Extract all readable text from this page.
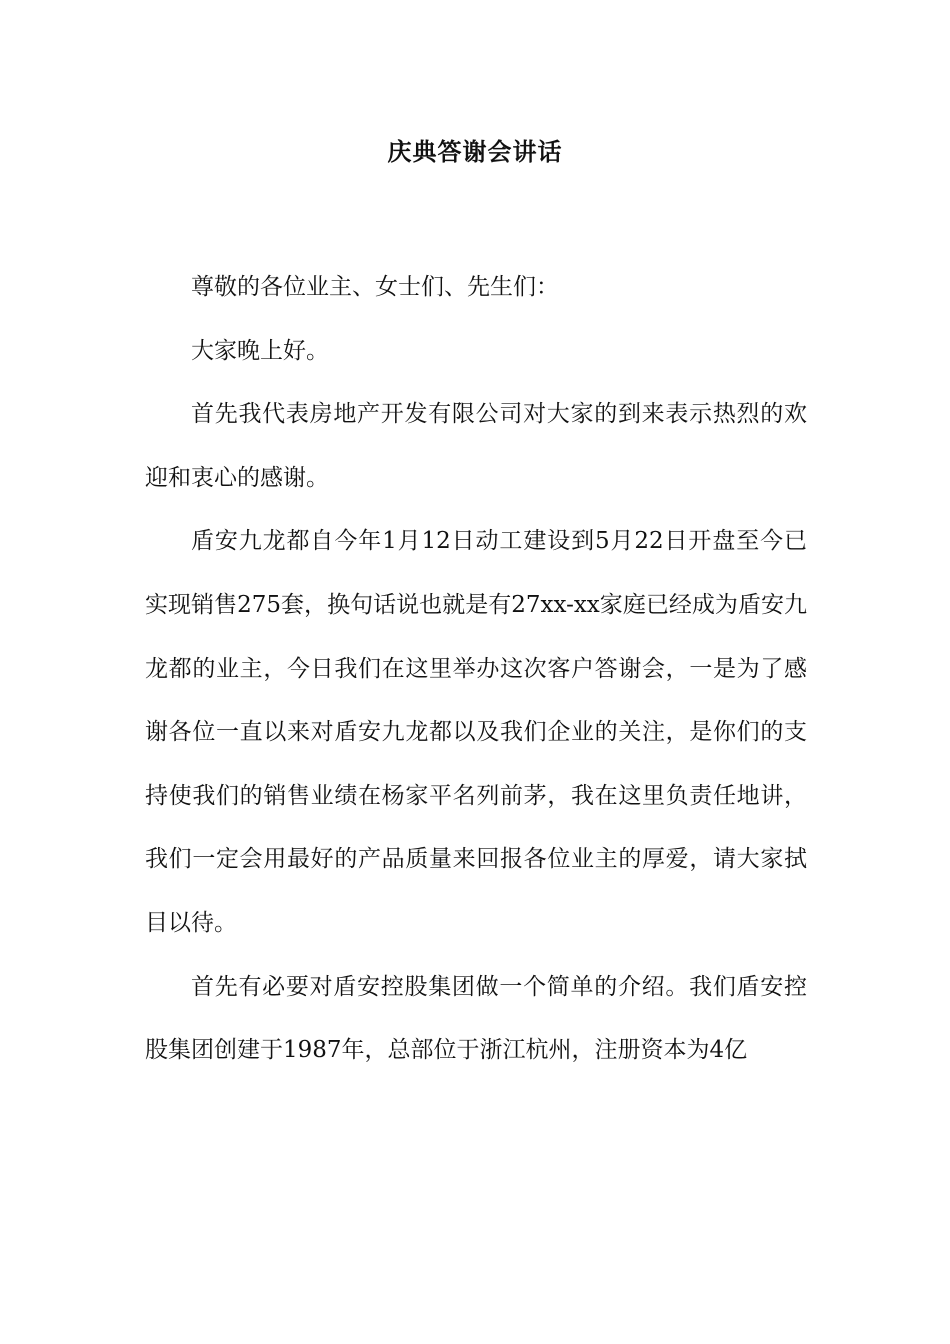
庆典答谢会讲话

尊敬的各位业主、女士们、先生们：

大家晚上好。

首先我代表房地产开发有限公司对大家的到来表示热烈的欢迎和衷心的感谢。

盾安九龙都自今年1月12日动工建设到5月22日开盘至今已实现销售275套，换句话说也就是有27xx-xx家庭已经成为盾安九龙都的业主，今日我们在这里举办这次客户答谢会，一是为了感谢各位一直以来对盾安九龙都以及我们企业的关注，是你们的支持使我们的销售业绩在杨家平名列前茅，我在这里负责任地讲，我们一定会用最好的产品质量来回报各位业主的厚爱，请大家拭目以待。

首先有必要对盾安控股集团做一个简单的介绍。我们盾安控股集团创建于1987年，总部位于浙江杭州，注册资本为4亿
